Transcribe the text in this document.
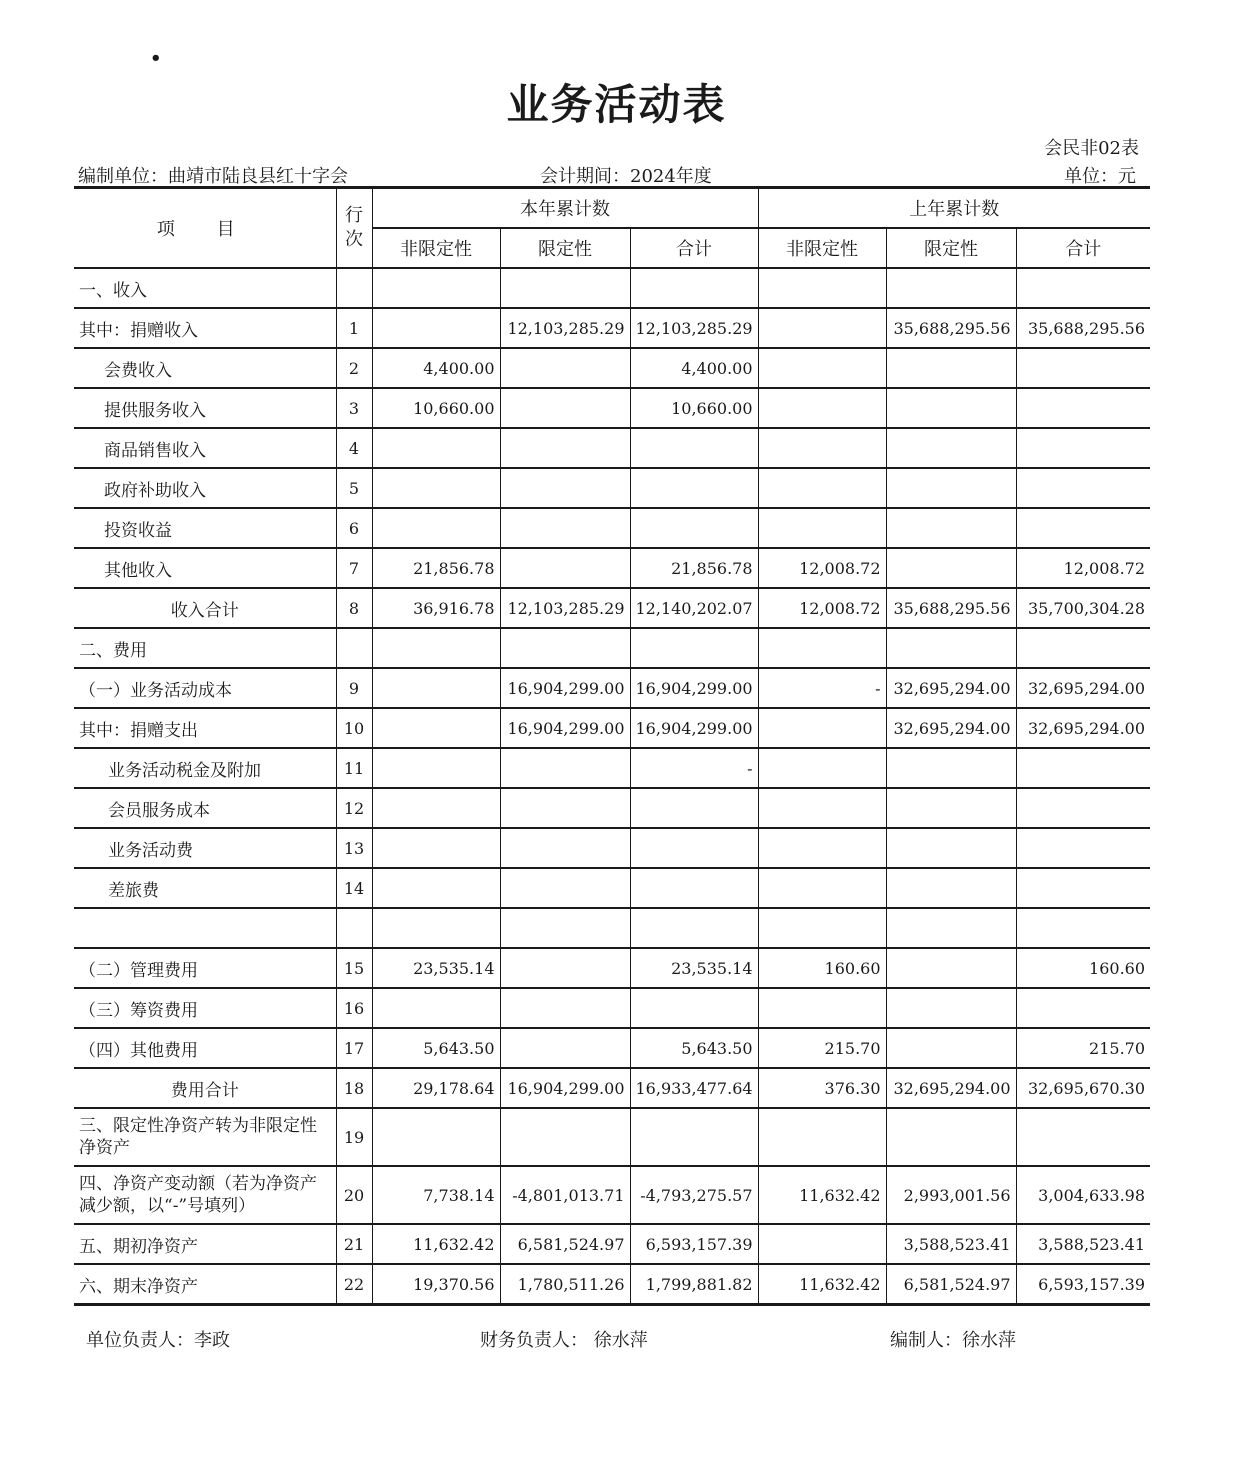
•
业务活动表
会民非02表
编制单位：曲靖市陆良县红十字会	会计期间：2024年度	单位：元
项 目	行次	本年累计数			上年累计数		
		非限定性	限定性	合计	非限定性	限定性	合计
一、收入							
其中：捐赠收入	1		12,103,285.29	12,103,285.29		35,688,295.56	35,688,295.56
会费收入	2	4,400.00		4,400.00			
提供服务收入	3	10,660.00		10,660.00			
商品销售收入	4						
政府补助收入	5						
投资收益	6						
其他收入	7	21,856.78		21,856.78	12,008.72		12,008.72
收入合计	8	36,916.78	12,103,285.29	12,140,202.07	12,008.72	35,688,295.56	35,700,304.28
二、费用							
（一）业务活动成本	9		16,904,299.00	16,904,299.00	-	32,695,294.00	32,695,294.00
其中：捐赠支出	10		16,904,299.00	16,904,299.00		32,695,294.00	32,695,294.00
业务活动税金及附加	11			-			
会员服务成本	12						
业务活动费	13						
差旅费	14						

（二）管理费用	15	23,535.14		23,535.14	160.60		160.60
（三）筹资费用	16						
（四）其他费用	17	5,643.50		5,643.50	215.70		215.70
费用合计	18	29,178.64	16,904,299.00	16,933,477.64	376.30	32,695,294.00	32,695,670.30
三、限定性净资产转为非限定性净资产	19						
四、净资产变动额（若为净资产减少额，以“-”号填列）	20	7,738.14	-4,801,013.71	-4,793,275.57	11,632.42	2,993,001.56	3,004,633.98
五、期初净资产	21	11,632.42	6,581,524.97	6,593,157.39		3,588,523.41	3,588,523.41
六、期末净资产	22	19,370.56	1,780,511.26	1,799,881.82	11,632.42	6,581,524.97	6,593,157.39
单位负责人：李政	财务负责人： 徐水萍	编制人：徐水萍
